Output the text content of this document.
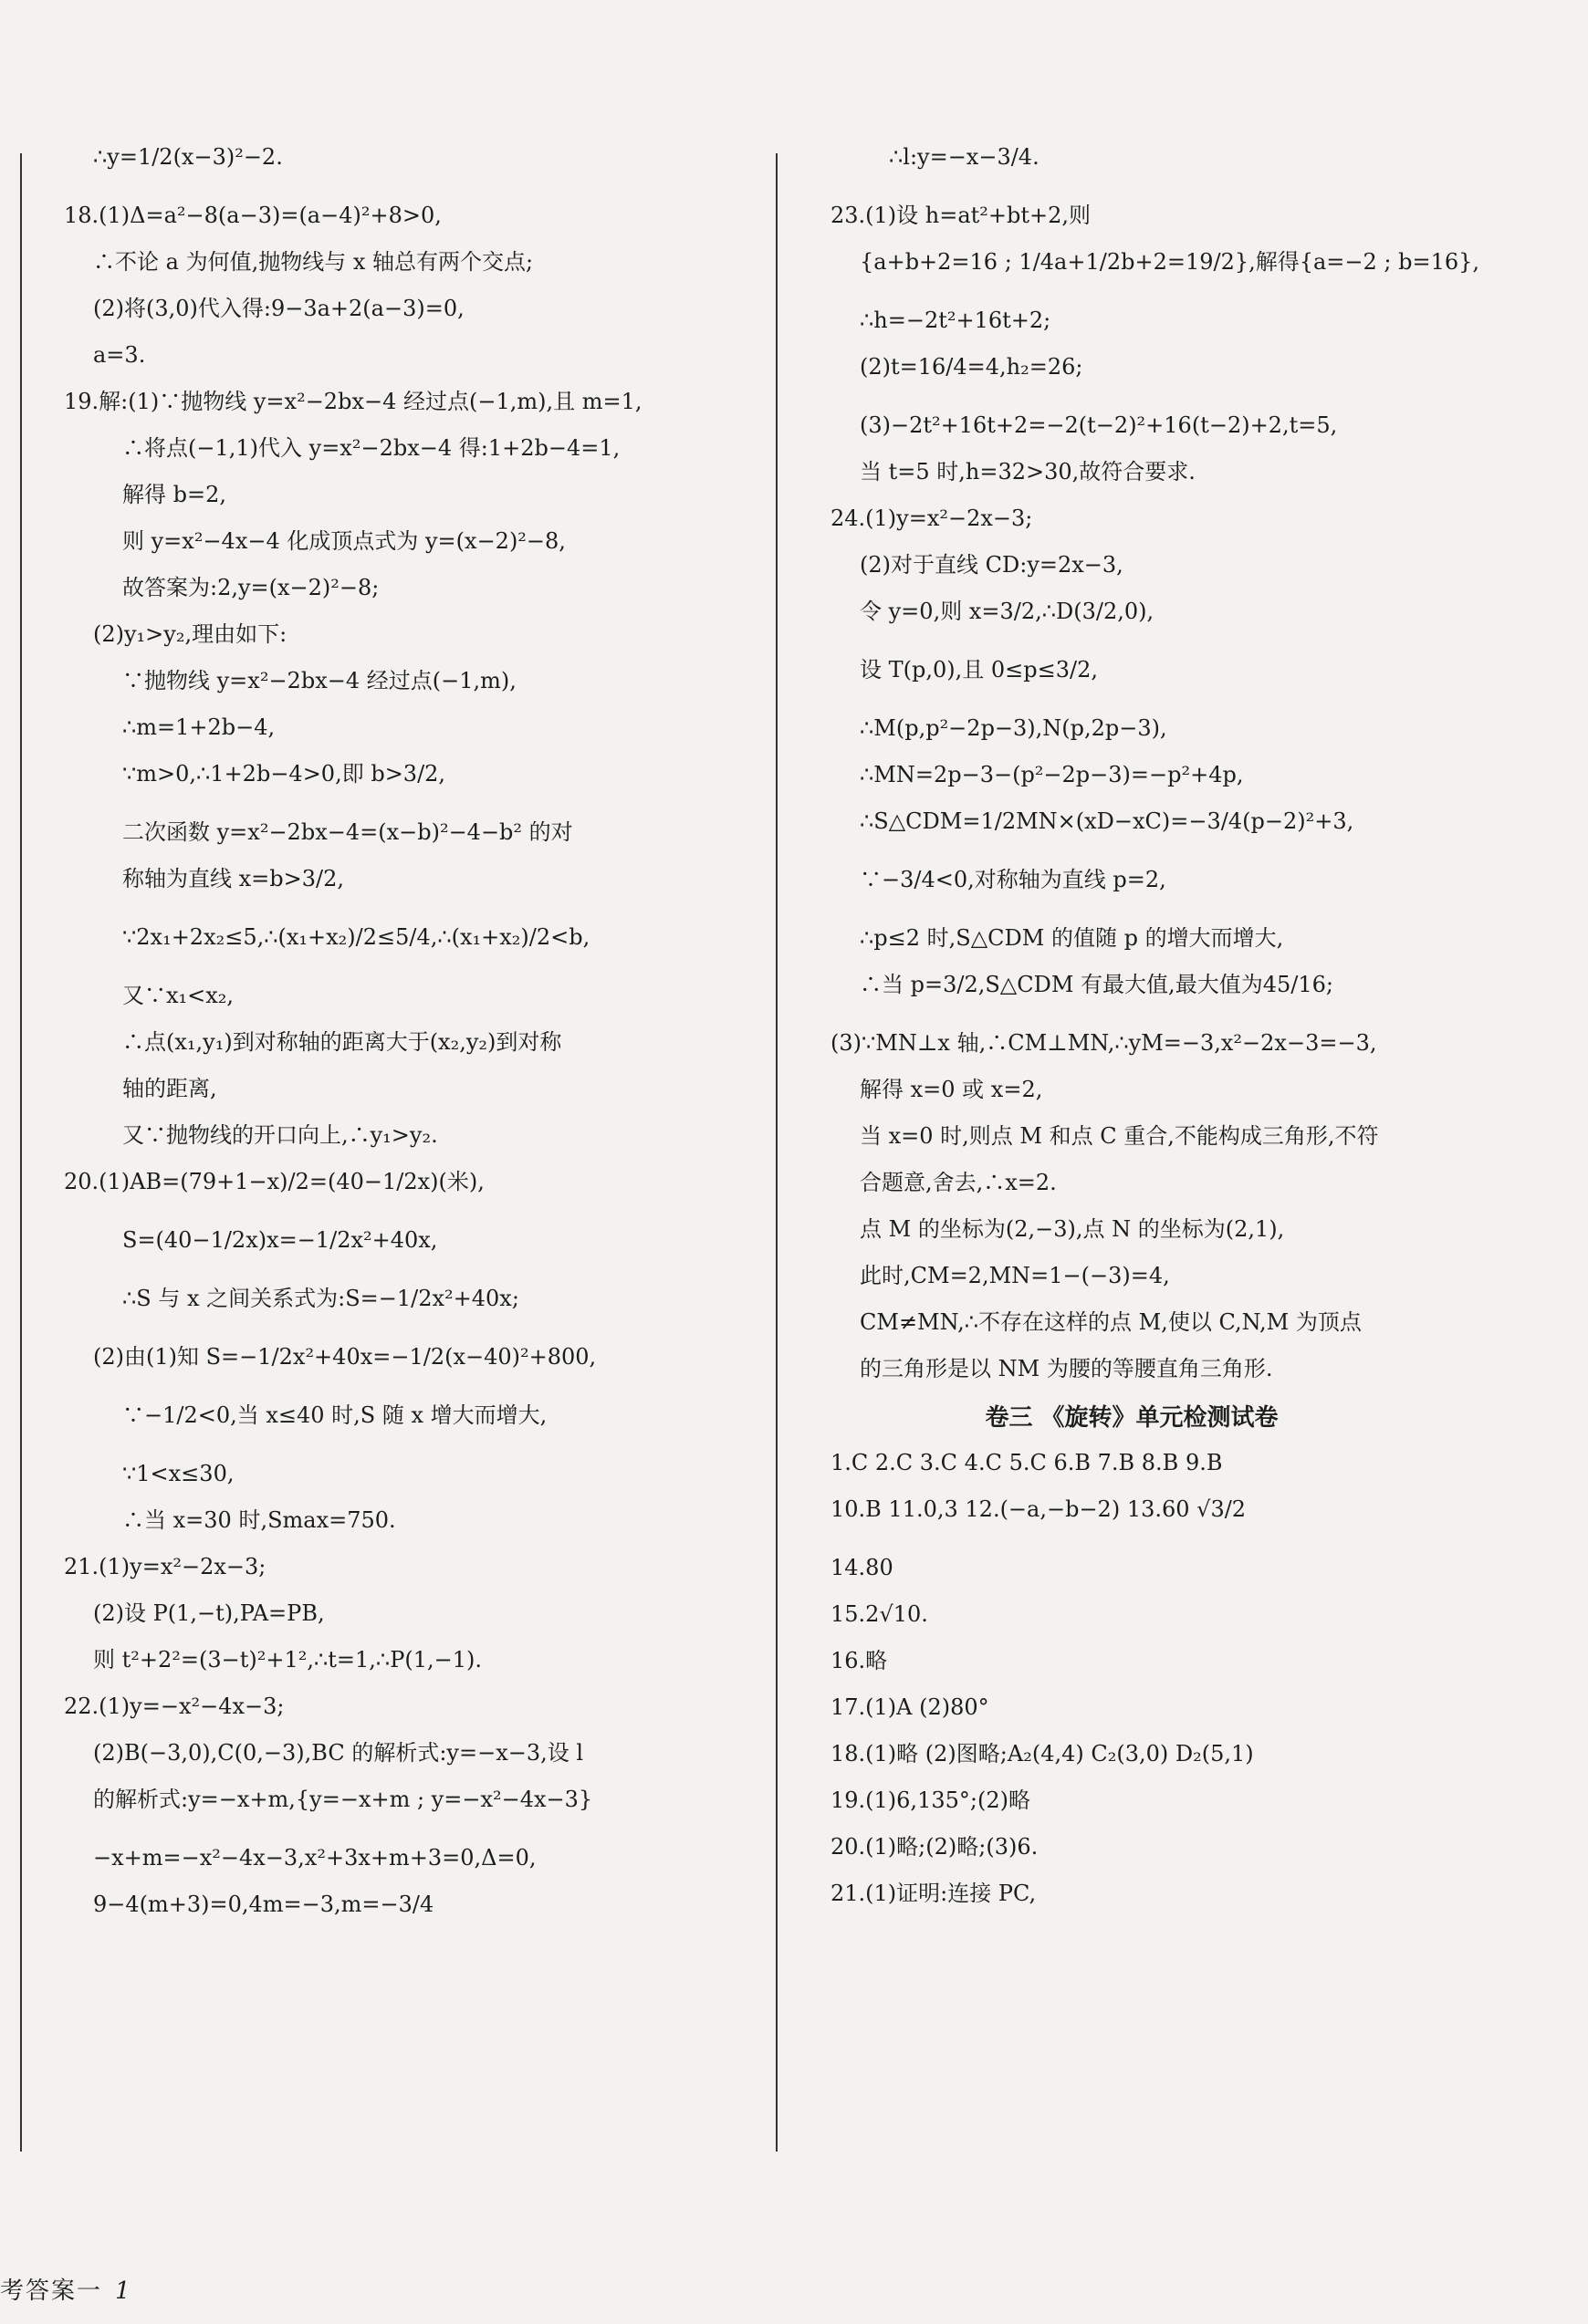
∴y=1/2(x−3)²−2.
18.(1)Δ=a²−8(a−3)=(a−4)²+8>0,
∴不论 a 为何值,抛物线与 x 轴总有两个交点;
(2)将(3,0)代入得:9−3a+2(a−3)=0,
a=3.
19.解:(1)∵抛物线 y=x²−2bx−4 经过点(−1,m),且 m=1,
∴将点(−1,1)代入 y=x²−2bx−4 得:1+2b−4=1,
解得 b=2,
则 y=x²−4x−4 化成顶点式为 y=(x−2)²−8,
故答案为:2,y=(x−2)²−8;
(2)y₁>y₂,理由如下:
∵抛物线 y=x²−2bx−4 经过点(−1,m),
∴m=1+2b−4,
∵m>0,∴1+2b−4>0,即 b>3/2,
二次函数 y=x²−2bx−4=(x−b)²−4−b² 的对
称轴为直线 x=b>3/2,
∵2x₁+2x₂≤5,∴(x₁+x₂)/2≤5/4,∴(x₁+x₂)/2<b,
又∵x₁<x₂,
∴点(x₁,y₁)到对称轴的距离大于(x₂,y₂)到对称
轴的距离,
又∵抛物线的开口向上,∴y₁>y₂.
20.(1)AB=(79+1−x)/2=(40−1/2x)(米),
S=(40−1/2x)x=−1/2x²+40x,
∴S 与 x 之间关系式为:S=−1/2x²+40x;
(2)由(1)知 S=−1/2x²+40x=−1/2(x−40)²+800,
∵−1/2<0,当 x≤40 时,S 随 x 增大而增大,
∵1<x≤30,
∴当 x=30 时,Smax=750.
21.(1)y=x²−2x−3;
(2)设 P(1,−t),PA=PB,
则 t²+2²=(3−t)²+1²,∴t=1,∴P(1,−1).
22.(1)y=−x²−4x−3;
(2)B(−3,0),C(0,−3),BC 的解析式:y=−x−3,设 l
的解析式:y=−x+m,{y=−x+m ; y=−x²−4x−3}
−x+m=−x²−4x−3,x²+3x+m+3=0,Δ=0,
9−4(m+3)=0,4m=−3,m=−3/4
∴l:y=−x−3/4.
23.(1)设 h=at²+bt+2,则
{a+b+2=16 ; 1/4a+1/2b+2=19/2},解得{a=−2 ; b=16},
∴h=−2t²+16t+2;
(2)t=16/4=4,h₂=26;
(3)−2t²+16t+2=−2(t−2)²+16(t−2)+2,t=5,
当 t=5 时,h=32>30,故符合要求.
24.(1)y=x²−2x−3;
(2)对于直线 CD:y=2x−3,
令 y=0,则 x=3/2,∴D(3/2,0),
设 T(p,0),且 0≤p≤3/2,
∴M(p,p²−2p−3),N(p,2p−3),
∴MN=2p−3−(p²−2p−3)=−p²+4p,
∴S△CDM=1/2MN×(xD−xC)=−3/4(p−2)²+3,
∵−3/4<0,对称轴为直线 p=2,
∴p≤2 时,S△CDM 的值随 p 的增大而增大,
∴当 p=3/2,S△CDM 有最大值,最大值为45/16;
(3)∵MN⊥x 轴,∴CM⊥MN,∴yM=−3,x²−2x−3=−3,
解得 x=0 或 x=2,
当 x=0 时,则点 M 和点 C 重合,不能构成三角形,不符
合题意,舍去,∴x=2.
点 M 的坐标为(2,−3),点 N 的坐标为(2,1),
此时,CM=2,MN=1−(−3)=4,
CM≠MN,∴不存在这样的点 M,使以 C,N,M 为顶点
的三角形是以 NM 为腰的等腰直角三角形.
卷三 《旋转》单元检测试卷
1.C 2.C 3.C 4.C 5.C 6.B 7.B 8.B 9.B
10.B 11.0,3 12.(−a,−b−2) 13.60 √3/2
14.80
15.2√10.
16.略
17.(1)A (2)80°
18.(1)略 (2)图略;A₂(4,4) C₂(3,0) D₂(5,1)
19.(1)6,135°;(2)略
20.(1)略;(2)略;(3)6.
21.(1)证明:连接 PC,
考答案一 1
